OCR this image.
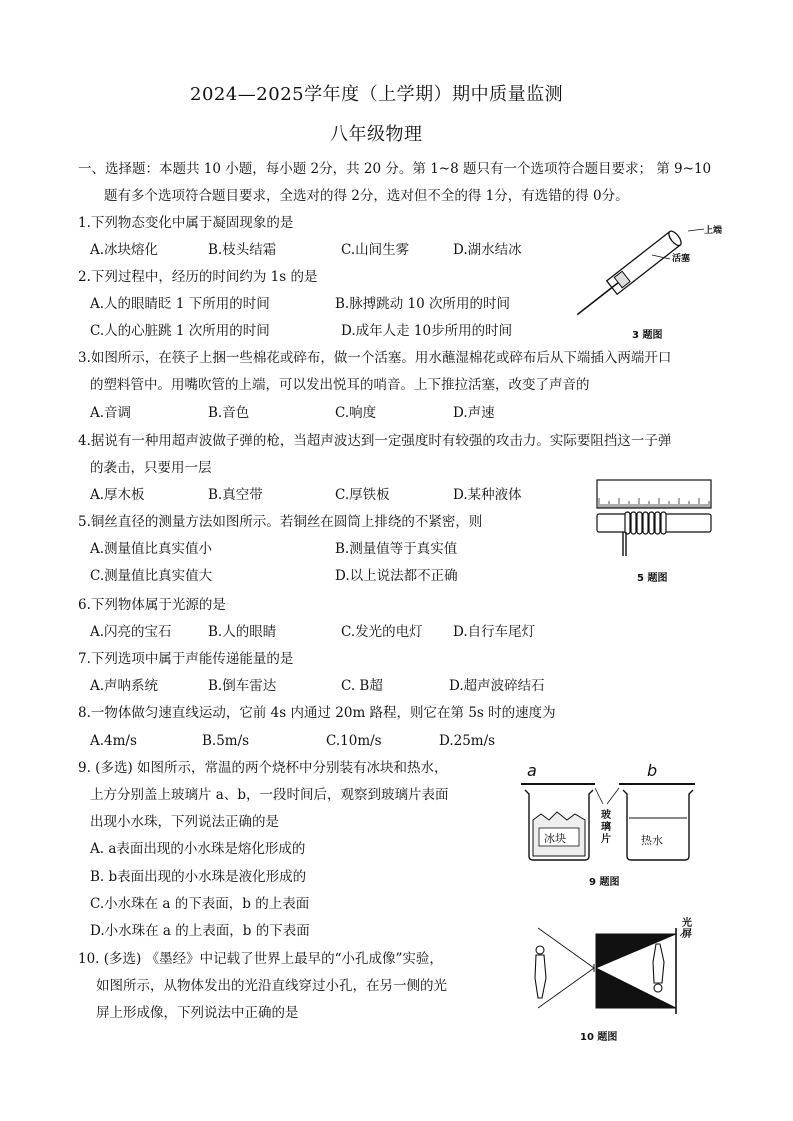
2024—2025学年度（上学期）期中质量监测
八年级物理
一、选择题：本题共 10 小题，每小题 2分，共 20 分。第 1~8 题只有一个选项符合题目要求； 第 9~10
题有多个选项符合题目要求，全选对的得 2分，选对但不全的得 1分，有选错的得 0分。
1.下列物态变化中属于凝固现象的是
A.冰块熔化	B.枝头结霜	C.山间生雾	D.湖水结冰
2.下列过程中，经历的时间约为 1s 的是
A.人的眼睛眨 1 下所用的时间	B.脉搏跳动 10 次所用的时间
C.人的心脏跳 1 次所用的时间	D.成年人走 10步所用的时间
3.如图所示，在筷子上捆一些棉花或碎布，做一个活塞。用水蘸湿棉花或碎布后从下端插入两端开口
的塑料管中。用嘴吹管的上端，可以发出悦耳的哨音。上下推拉活塞，改变了声音的
A.音调	B.音色	C.响度	D.声速
4.据说有一种用超声波做子弹的枪，当超声波达到一定强度时有较强的攻击力。实际要阻挡这一子弹
的袭击，只要用一层
A.厚木板	B.真空带	C.厚铁板	D.某种液体
5.铜丝直径的测量方法如图所示。若铜丝在圆筒上排绕的不紧密，则
A.测量值比真实值小	B.测量值等于真实值
C.测量值比真实值大	D.以上说法都不正确
6.下列物体属于光源的是
A.闪亮的宝石	B.人的眼睛	C.发光的电灯 D.自行车尾灯
7.下列选项中属于声能传递能量的是
A.声呐系统	B.倒车雷达	C. B超	D.超声波碎结石
8.一物体做匀速直线运动，它前 4s 内通过 20m 路程，则它在第 5s 时的速度为
A.4m/s	B.5m/s	C.10m/s	D.25m/s
9. (多选) 如图所示，常温的两个烧杯中分别装有冰块和热水，
上方分别盖上玻璃片 a、b，一段时间后，观察到玻璃片表面
出现小水珠，下列说法正确的是
A. a表面出现的小水珠是熔化形成的
B. b表面出现的小水珠是液化形成的
C.小水珠在 a 的下表面，b 的上表面
D.小水珠在 a 的上表面，b 的下表面
10. (多选) 《墨经》中记载了世界上最早的“小孔成像”实验，
如图所示，从物体发出的光沿直线穿过小孔，在另一侧的光
屏上形成像，下列说法中正确的是
上端
活塞
3 题图
5 题图
a	b
冰块	热水
玻璃片
9 题图
光屏
10 题图
